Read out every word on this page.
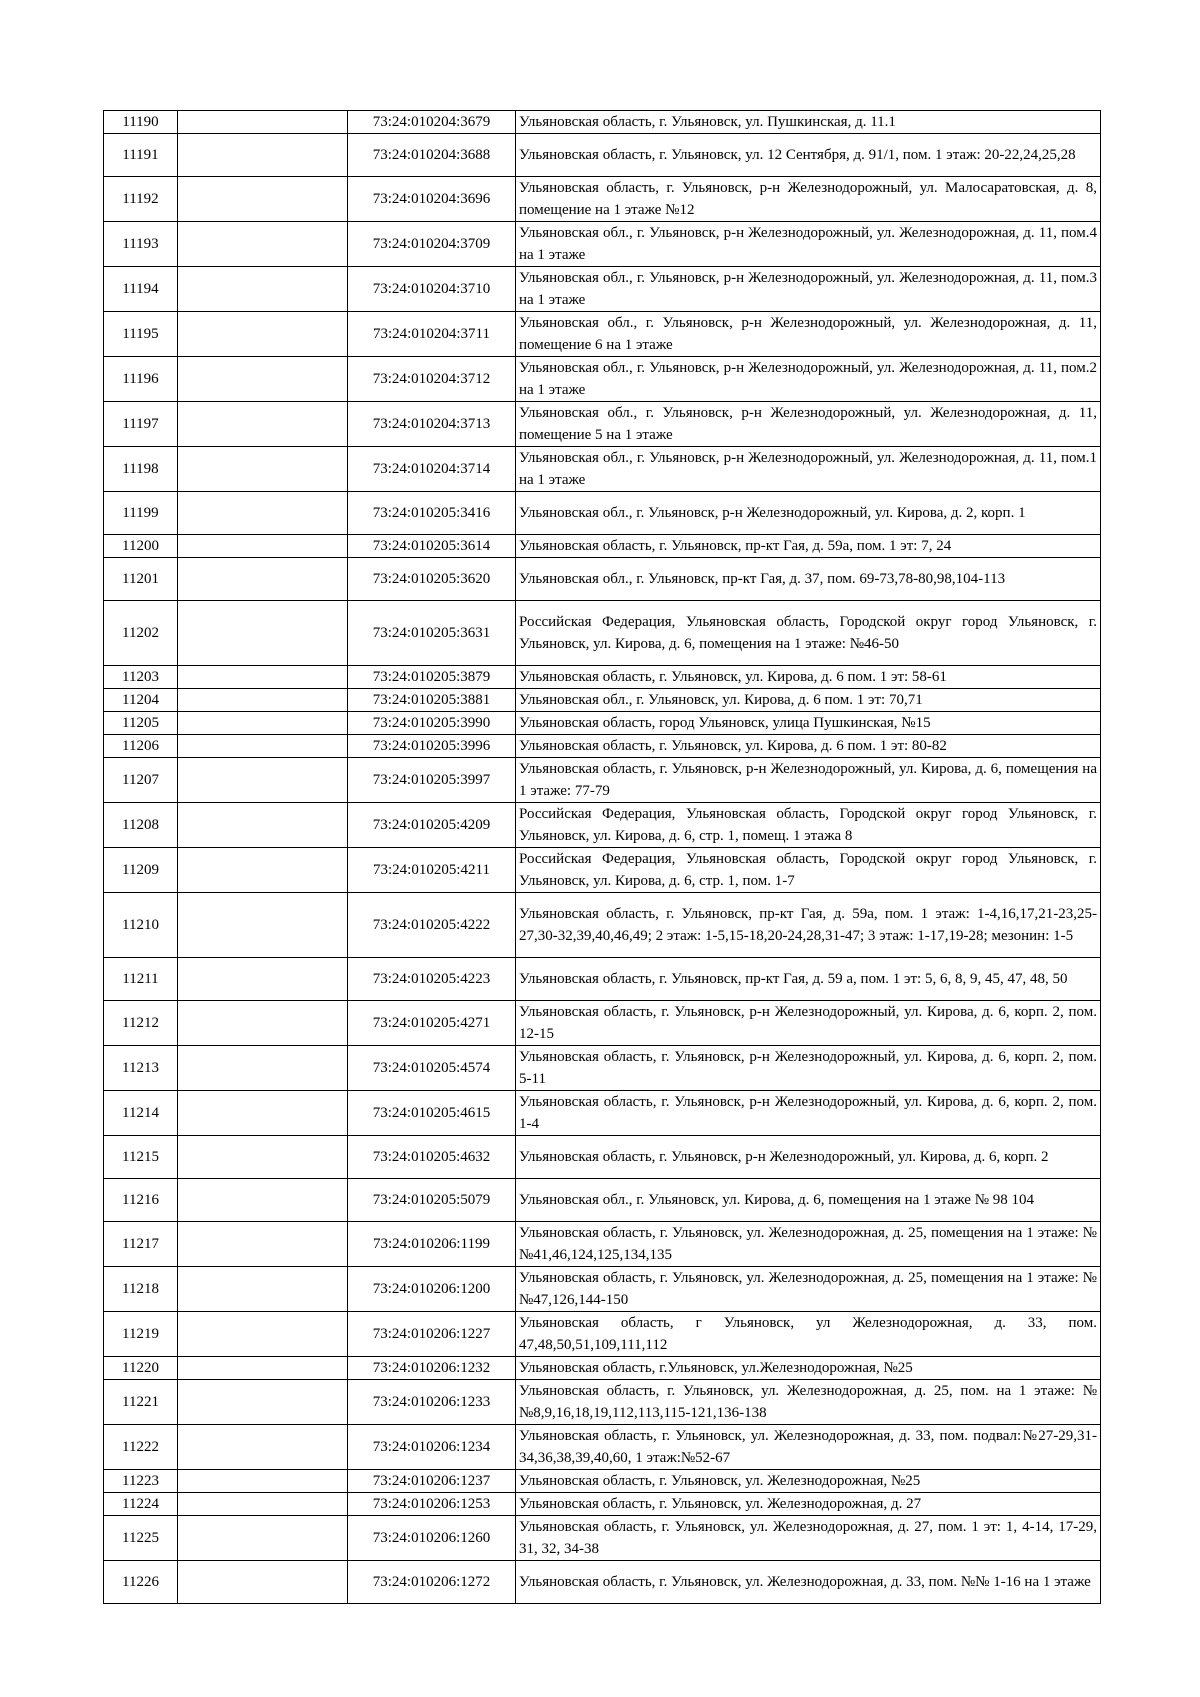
11190		73:24:010204:3679	Ульяновская область, г. Ульяновск, ул. Пушкинская, д. 11.1
11191		73:24:010204:3688	Ульяновская область, г. Ульяновск, ул. 12 Сентября, д. 91/1, пом. 1 этаж: 20-22,24,25,28
11192		73:24:010204:3696	Ульяновская область, г. Ульяновск, р-н Железнодорожный, ул. Малосаратовская, д. 8, помещение на 1 этаже №12
11193		73:24:010204:3709	Ульяновская обл., г. Ульяновск, р-н Железнодорожный, ул. Железнодорожная, д. 11, пом.4 на 1 этаже
11194		73:24:010204:3710	Ульяновская обл., г. Ульяновск, р-н Железнодорожный, ул. Железнодорожная, д. 11, пом.3 на 1 этаже
11195		73:24:010204:3711	Ульяновская обл., г. Ульяновск, р-н Железнодорожный, ул. Железнодорожная, д. 11, помещение 6 на 1 этаже
11196		73:24:010204:3712	Ульяновская обл., г. Ульяновск, р-н Железнодорожный, ул. Железнодорожная, д. 11, пом.2 на 1 этаже
11197		73:24:010204:3713	Ульяновская обл., г. Ульяновск, р-н Железнодорожный, ул. Железнодорожная, д. 11, помещение 5 на 1 этаже
11198		73:24:010204:3714	Ульяновская обл., г. Ульяновск, р-н Железнодорожный, ул. Железнодорожная, д. 11, пом.1 на 1 этаже
11199		73:24:010205:3416	Ульяновская обл., г. Ульяновск, р-н Железнодорожный, ул. Кирова, д. 2, корп. 1
11200		73:24:010205:3614	Ульяновская область, г. Ульяновск, пр-кт Гая, д. 59а, пом. 1 эт: 7, 24
11201		73:24:010205:3620	Ульяновская обл., г. Ульяновск, пр-кт Гая, д. 37, пом. 69-73,78-80,98,104-113
11202		73:24:010205:3631	Российская Федерация, Ульяновская область, Городской округ город Ульяновск, г. Ульяновск, ул. Кирова, д. 6, помещения на 1 этаже: №46-50
11203		73:24:010205:3879	Ульяновская область, г. Ульяновск, ул. Кирова, д. 6 пом. 1 эт: 58-61
11204		73:24:010205:3881	Ульяновская обл., г. Ульяновск, ул. Кирова, д. 6 пом. 1 эт: 70,71
11205		73:24:010205:3990	Ульяновская область, город Ульяновск, улица Пушкинская, №15
11206		73:24:010205:3996	Ульяновская область, г. Ульяновск, ул. Кирова, д. 6 пом. 1 эт: 80-82
11207		73:24:010205:3997	Ульяновская область, г. Ульяновск, р-н Железнодорожный, ул. Кирова, д. 6, помещения на 1 этаже: 77-79
11208		73:24:010205:4209	Российская Федерация, Ульяновская область, Городской округ город Ульяновск, г. Ульяновск, ул. Кирова, д. 6, стр. 1, помещ. 1 этажа 8
11209		73:24:010205:4211	Российская Федерация, Ульяновская область, Городской округ город Ульяновск, г. Ульяновск, ул. Кирова, д. 6, стр. 1, пом. 1-7
11210		73:24:010205:4222	Ульяновская область, г. Ульяновск, пр-кт Гая, д. 59а, пом. 1 этаж: 1-4,16,17,21-23,25-27,30-32,39,40,46,49; 2 этаж: 1-5,15-18,20-24,28,31-47; 3 этаж: 1-17,19-28; мезонин: 1-5
11211		73:24:010205:4223	Ульяновская область, г. Ульяновск, пр-кт Гая, д. 59 а, пом. 1 эт: 5, 6, 8, 9, 45, 47, 48, 50
11212		73:24:010205:4271	Ульяновская область, г. Ульяновск, р-н Железнодорожный, ул. Кирова, д. 6, корп. 2, пом. 12-15
11213		73:24:010205:4574	Ульяновская область, г. Ульяновск, р-н Железнодорожный, ул. Кирова, д. 6, корп. 2, пом. 5-11
11214		73:24:010205:4615	Ульяновская область, г. Ульяновск, р-н Железнодорожный, ул. Кирова, д. 6, корп. 2, пом. 1-4
11215		73:24:010205:4632	Ульяновская область, г. Ульяновск, р-н Железнодорожный, ул. Кирова, д. 6, корп. 2
11216		73:24:010205:5079	Ульяновская обл., г. Ульяновск, ул. Кирова, д. 6, помещения на 1 этаже № 98 104
11217		73:24:010206:1199	Ульяновская область, г. Ульяновск, ул. Железнодорожная, д. 25, помещения на 1 этаже: №№41,46,124,125,134,135
11218		73:24:010206:1200	Ульяновская область, г. Ульяновск, ул. Железнодорожная, д. 25, помещения на 1 этаже: №№47,126,144-150
11219		73:24:010206:1227	Ульяновская область, г Ульяновск, ул Железнодорожная, д. 33, пом. 47,48,50,51,109,111,112
11220		73:24:010206:1232	Ульяновская область, г.Ульяновск, ул.Железнодорожная, №25
11221		73:24:010206:1233	Ульяновская область, г. Ульяновск, ул. Железнодорожная, д. 25, пом. на 1 этаже: №№8,9,16,18,19,112,113,115-121,136-138
11222		73:24:010206:1234	Ульяновская область, г. Ульяновск, ул. Железнодорожная, д. 33, пом. подвал:№27-29,31-34,36,38,39,40,60, 1 этаж:№52-67
11223		73:24:010206:1237	Ульяновская область, г. Ульяновск, ул. Железнодорожная, №25
11224		73:24:010206:1253	Ульяновская область, г. Ульяновск, ул. Железнодорожная, д. 27
11225		73:24:010206:1260	Ульяновская область, г. Ульяновск, ул. Железнодорожная, д. 27, пом. 1 эт: 1, 4-14, 17-29, 31, 32, 34-38
11226		73:24:010206:1272	Ульяновская область, г. Ульяновск, ул. Железнодорожная, д. 33, пом. №№ 1-16 на 1 этаже
